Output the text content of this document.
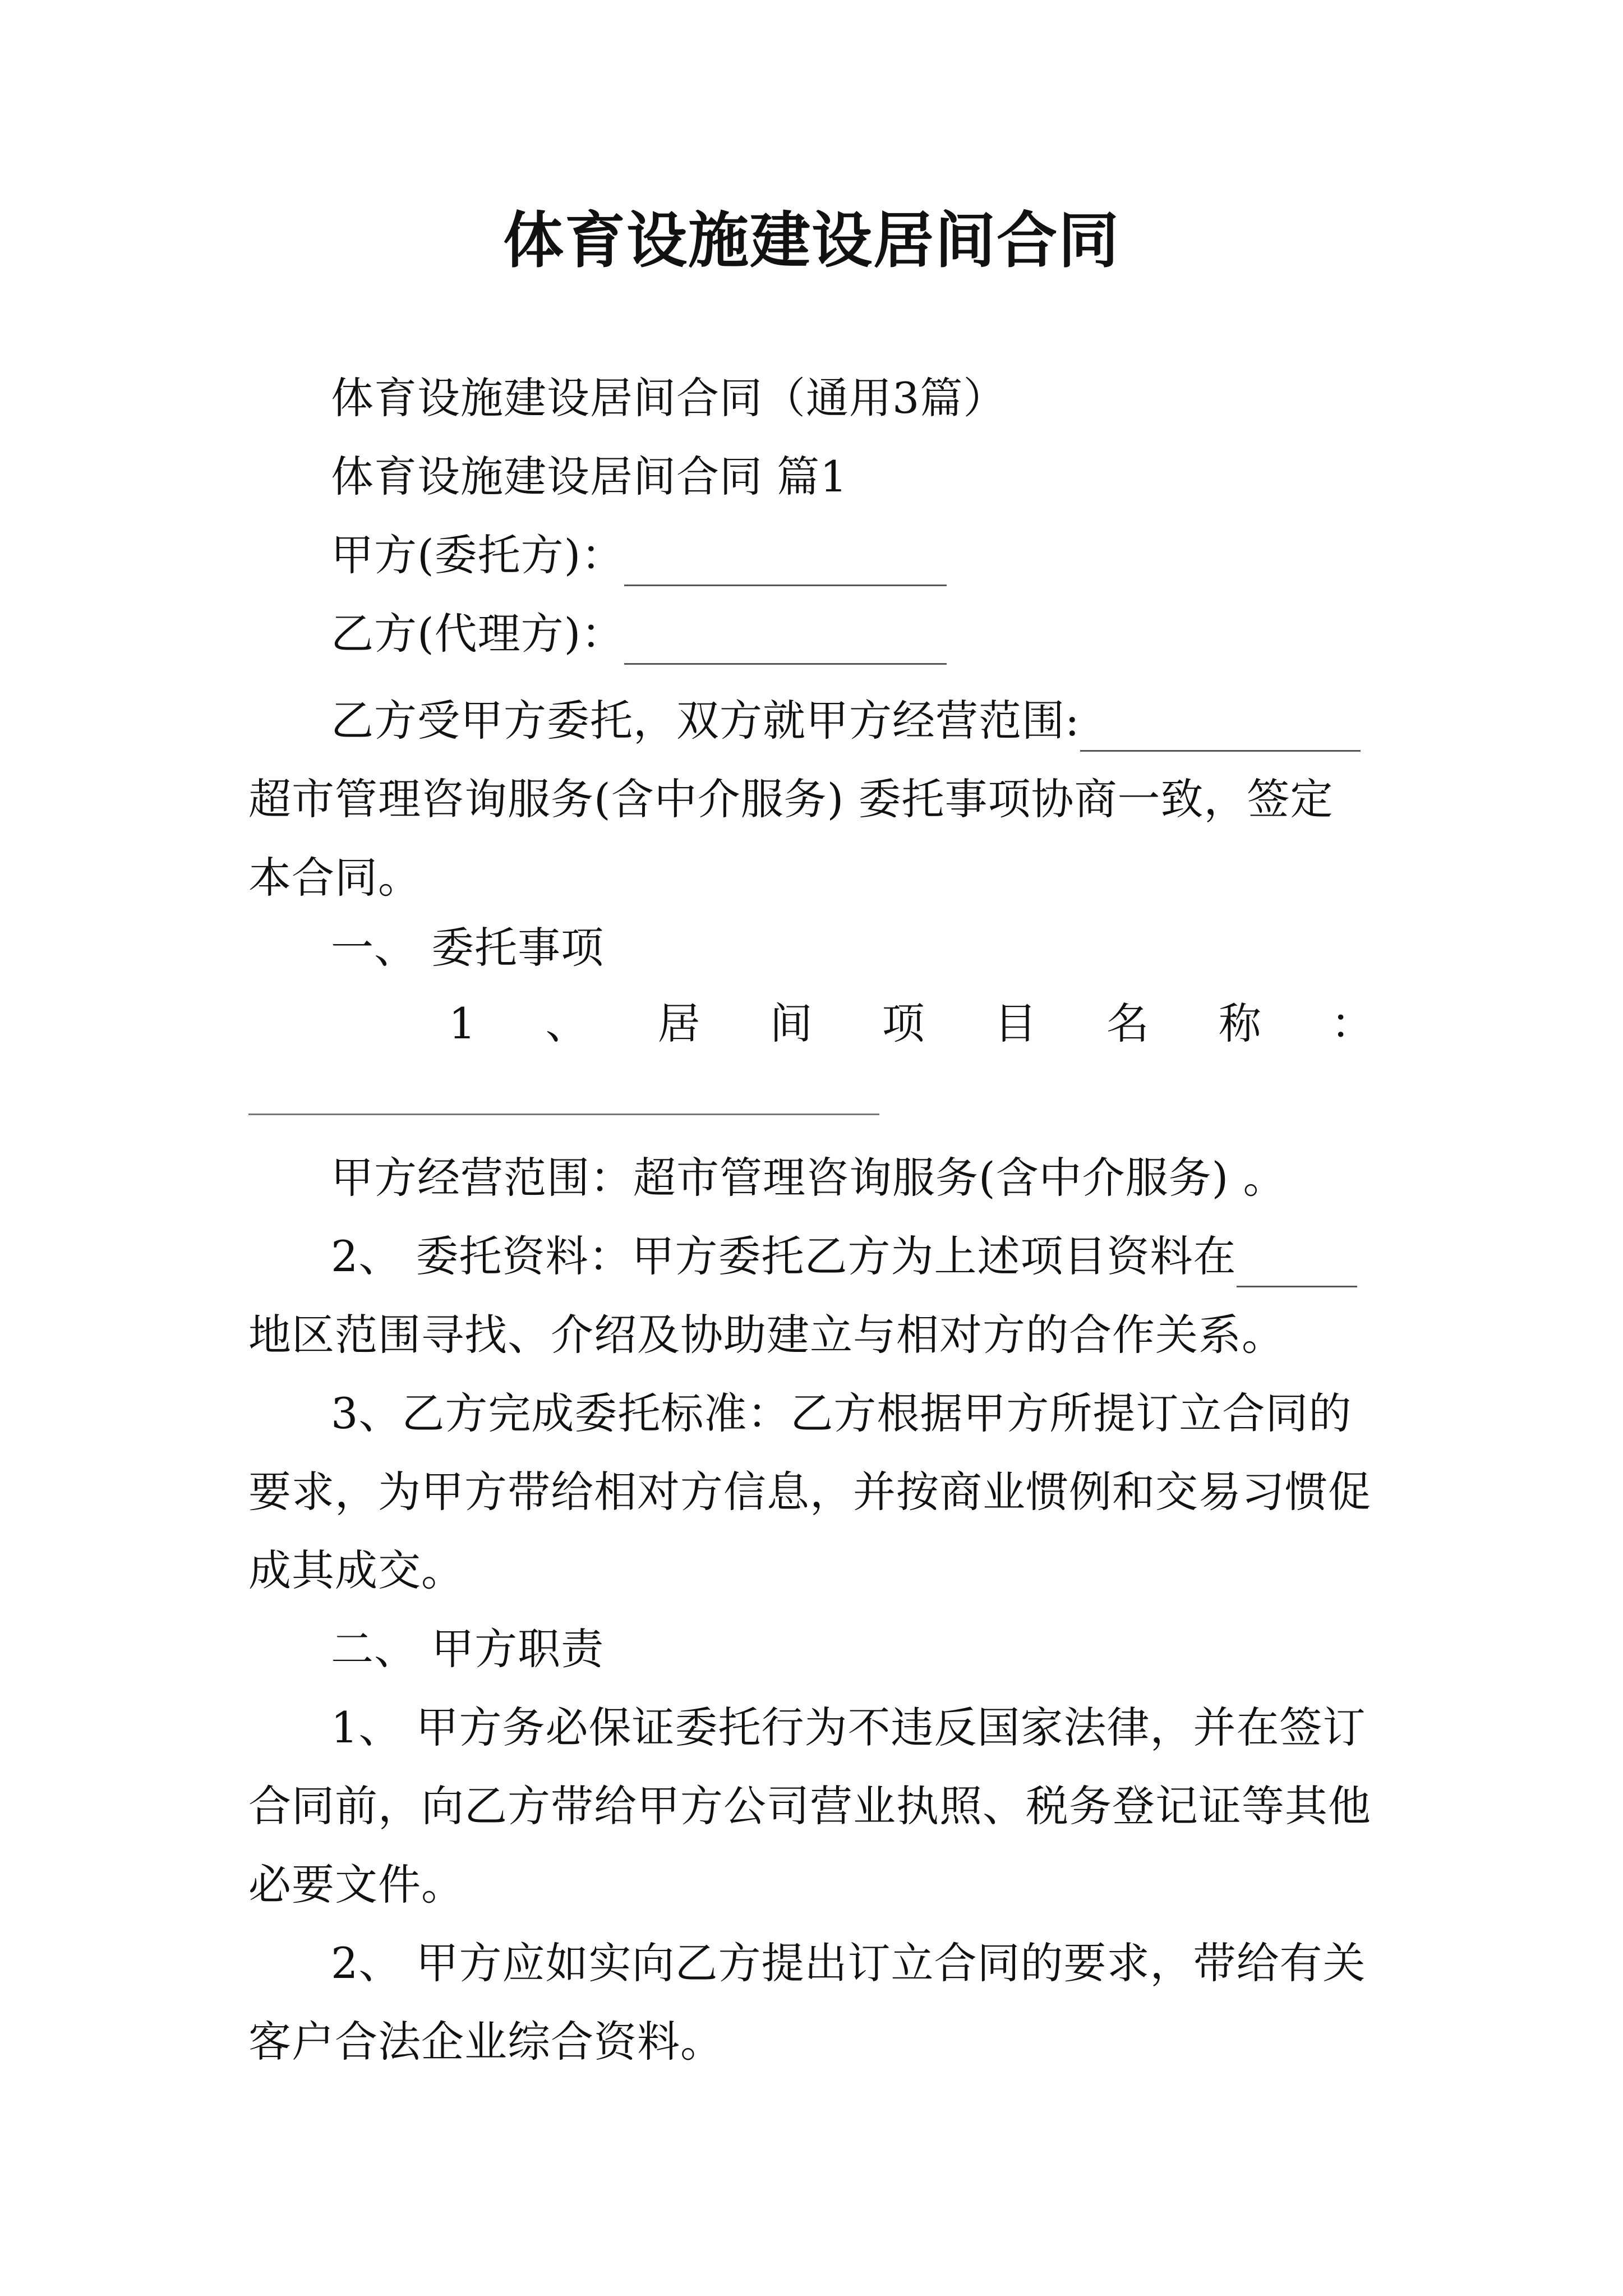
体育设施建设居间合同
体育设施建设居间合同（通用3篇）
体育设施建设居间合同 篇1
甲方(委托方)：
乙方(代理方)：
乙方受甲方委托，双方就甲方经营范围:
超市管理咨询服务(含中介服务) 委托事项协商一致，签定
本合同。
一、 委托事项
1 、 居 间 项 目 名 称 ：
甲方经营范围：超市管理咨询服务(含中介服务) 。
2、 委托资料：甲方委托乙方为上述项目资料在
地区范围寻找、介绍及协助建立与相对方的合作关系。
3、乙方完成委托标准：乙方根据甲方所提订立合同的
要求，为甲方带给相对方信息，并按商业惯例和交易习惯促
成其成交。
二、 甲方职责
1、 甲方务必保证委托行为不违反国家法律，并在签订
合同前，向乙方带给甲方公司营业执照、税务登记证等其他
必要文件。
2、 甲方应如实向乙方提出订立合同的要求，带给有关
客户合法企业综合资料。
